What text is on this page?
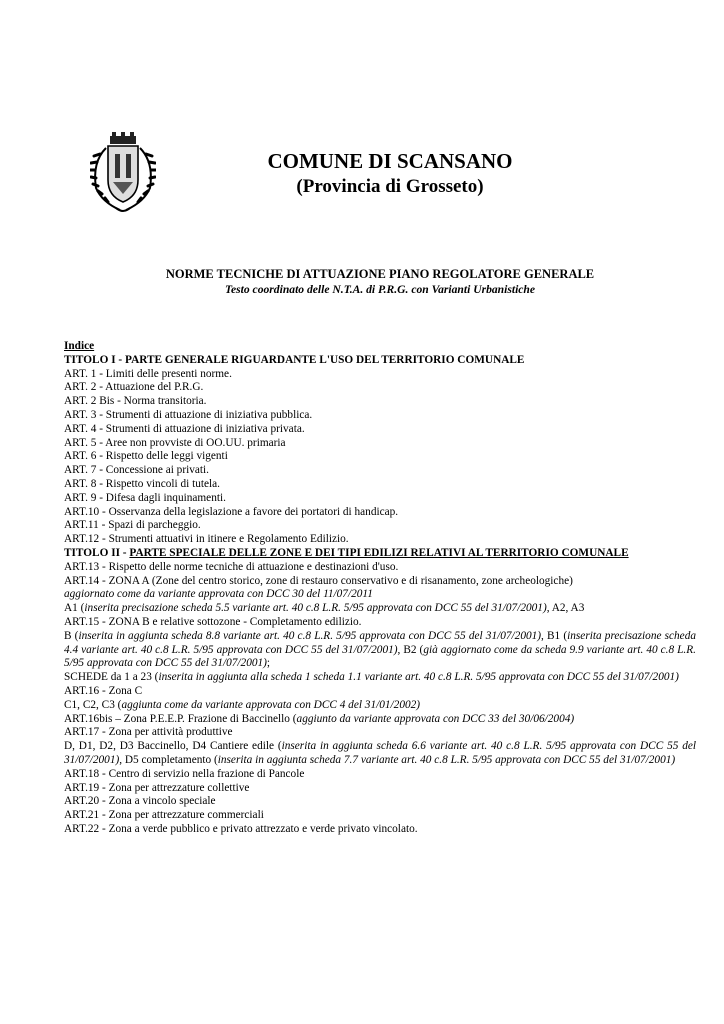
COMUNE DI SCANSANO
(Provincia di Grosseto)
NORME TECNICHE DI ATTUAZIONE PIANO REGOLATORE GENERALE
Testo coordinato delle N.T.A. di P.R.G. con Varianti Urbanistiche
Indice
TITOLO I - PARTE GENERALE RIGUARDANTE L'USO DEL TERRITORIO COMUNALE
ART. 1 - Limiti delle presenti norme.
ART. 2 - Attuazione del P.R.G.
ART. 2 Bis - Norma transitoria.
ART. 3 - Strumenti di attuazione di iniziativa pubblica.
ART. 4 - Strumenti di attuazione di iniziativa privata.
ART. 5 - Aree non provviste di OO.UU. primaria
ART. 6 - Rispetto delle leggi vigenti
ART. 7 - Concessione ai privati.
ART. 8 - Rispetto vincoli di tutela.
ART. 9 - Difesa dagli inquinamenti.
ART.10 - Osservanza della legislazione a favore dei portatori di handicap.
ART.11 - Spazi di parcheggio.
ART.12 - Strumenti attuativi in itinere e Regolamento Edilizio.
TITOLO II - PARTE SPECIALE DELLE ZONE E DEI TIPI EDILIZI RELATIVI AL TERRITORIO COMUNALE
ART.13 - Rispetto delle norme tecniche di attuazione e destinazioni d'uso.
ART.14 - ZONA A (Zone del centro storico, zone di restauro conservativo e di risanamento, zone archeologiche)
aggiornato come da variante approvata con DCC 30 del 11/07/2011
A1 (inserita precisazione scheda 5.5 variante art. 40 c.8 L.R. 5/95 approvata con DCC 55 del 31/07/2001), A2, A3
ART.15 - ZONA B e relative sottozone - Completamento edilizio.
B (inserita in aggiunta scheda 8.8 variante art. 40 c.8 L.R. 5/95 approvata con DCC 55 del 31/07/2001), B1 (inserita precisazione scheda 4.4 variante art. 40 c.8 L.R. 5/95 approvata con DCC 55 del 31/07/2001), B2 (già aggiornato come da scheda 9.9 variante art. 40 c.8 L.R. 5/95 approvata con DCC 55 del 31/07/2001);
SCHEDE da 1 a 23 (inserita in aggiunta alla scheda 1 scheda 1.1 variante art. 40 c.8 L.R. 5/95 approvata con DCC 55 del 31/07/2001)
ART.16 - Zona C
C1, C2, C3 (aggiunta come da variante approvata con DCC 4 del 31/01/2002)
ART.16bis – Zona P.E.E.P. Frazione di Baccinello (aggiunto da variante approvata con DCC 33 del 30/06/2004)
ART.17 - Zona per attività produttive
D, D1, D2, D3 Baccinello, D4 Cantiere edile (inserita in aggiunta scheda 6.6 variante art. 40 c.8 L.R. 5/95 approvata con DCC 55 del 31/07/2001), D5 completamento (inserita in aggiunta scheda 7.7 variante art. 40 c.8 L.R. 5/95 approvata con DCC 55 del 31/07/2001)
ART.18 - Centro di servizio nella frazione di Pancole
ART.19 - Zona per attrezzature collettive
ART.20 - Zona a vincolo speciale
ART.21 - Zona per attrezzature commerciali
ART.22 - Zona a verde pubblico e privato attrezzato e verde privato vincolato.
